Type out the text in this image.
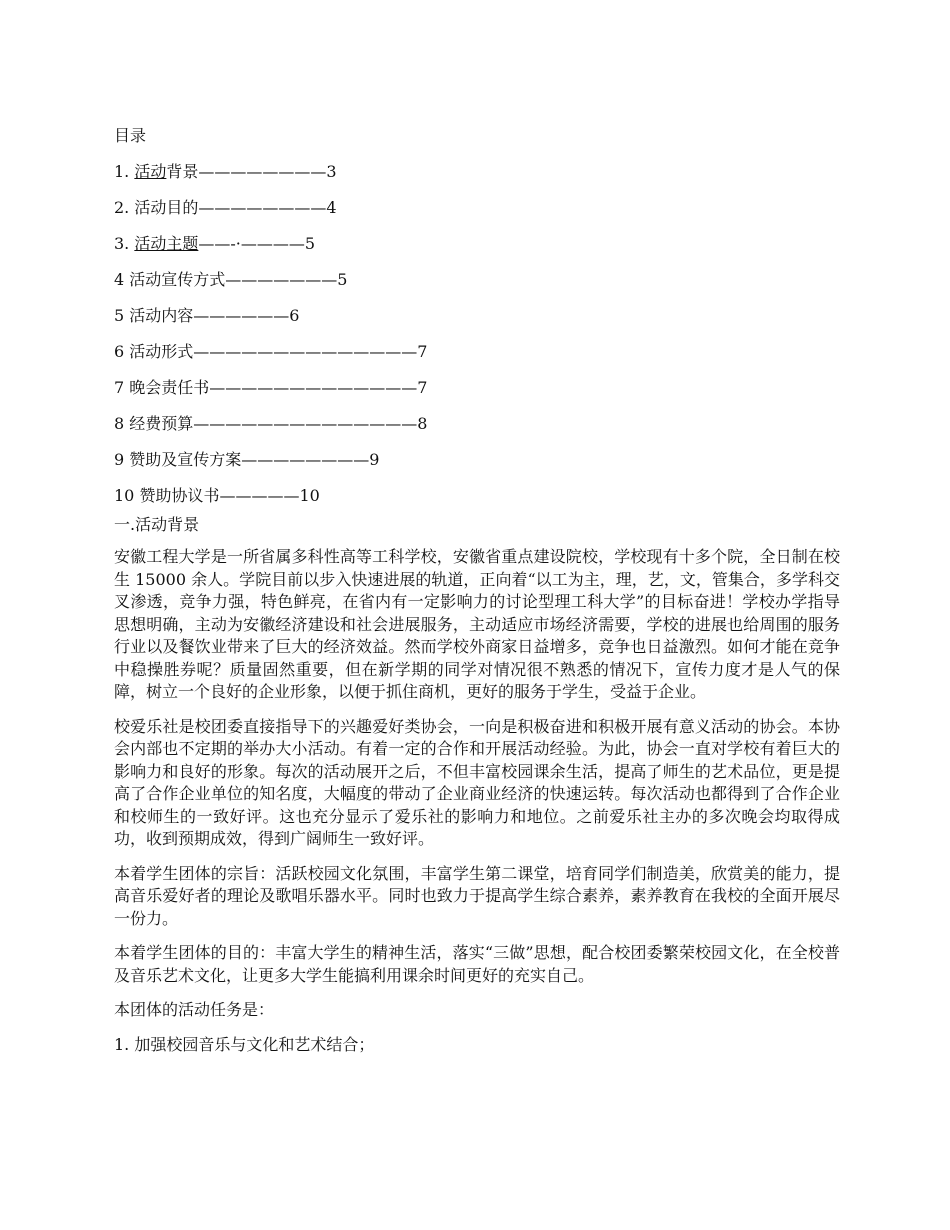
目录
1. 活动背景————————3
2. 活动目的————————4
3. 活动主题——-·————5
4 活动宣传方式———————5
5 活动内容——————6
6 活动形式——————————————7
7 晚会责任书—————————————7
8 经费预算——————————————8
9 赞助及宣传方案————————9
10 赞助协议书—————10
一.活动背景

安徽工程大学是一所省属多科性高等工科学校，安徽省重点建设院校，学校现有十多个院，全日制在校生 15000 余人。学院目前以步入快速进展的轨道，正向着“以工为主，理，艺，文，管集合，多学科交叉渗透，竞争力强，特色鲜亮，在省内有一定影响力的讨论型理工科大学”的目标奋进！学校办学指导思想明确，主动为安徽经济建设和社会进展服务，主动适应市场经济需要，学校的进展也给周围的服务行业以及餐饮业带来了巨大的经济效益。然而学校外商家日益增多，竞争也日益激烈。如何才能在竞争中稳操胜券呢？质量固然重要，但在新学期的同学对情况很不熟悉的情况下，宣传力度才是人气的保障，树立一个良好的企业形象，以便于抓住商机，更好的服务于学生，受益于企业。

校爱乐社是校团委直接指导下的兴趣爱好类协会，一向是积极奋进和积极开展有意义活动的协会。本协会内部也不定期的举办大小活动。有着一定的合作和开展活动经验。为此，协会一直对学校有着巨大的影响力和良好的形象。每次的活动展开之后，不但丰富校园课余生活，提高了师生的艺术品位，更是提高了合作企业单位的知名度，大幅度的带动了企业商业经济的快速运转。每次活动也都得到了合作企业和校师生的一致好评。这也充分显示了爱乐社的影响力和地位。之前爱乐社主办的多次晚会均取得成功，收到预期成效，得到广阔师生一致好评。

本着学生团体的宗旨：活跃校园文化氛围，丰富学生第二课堂，培育同学们制造美，欣赏美的能力，提高音乐爱好者的理论及歌唱乐器水平。同时也致力于提高学生综合素养，素养教育在我校的全面开展尽一份力。

本着学生团体的目的：丰富大学生的精神生活，落实“三做”思想，配合校团委繁荣校园文化，在全校普及音乐艺术文化，让更多大学生能搞利用课余时间更好的充实自己。

本团体的活动任务是：

1. 加强校园音乐与文化和艺术结合；
